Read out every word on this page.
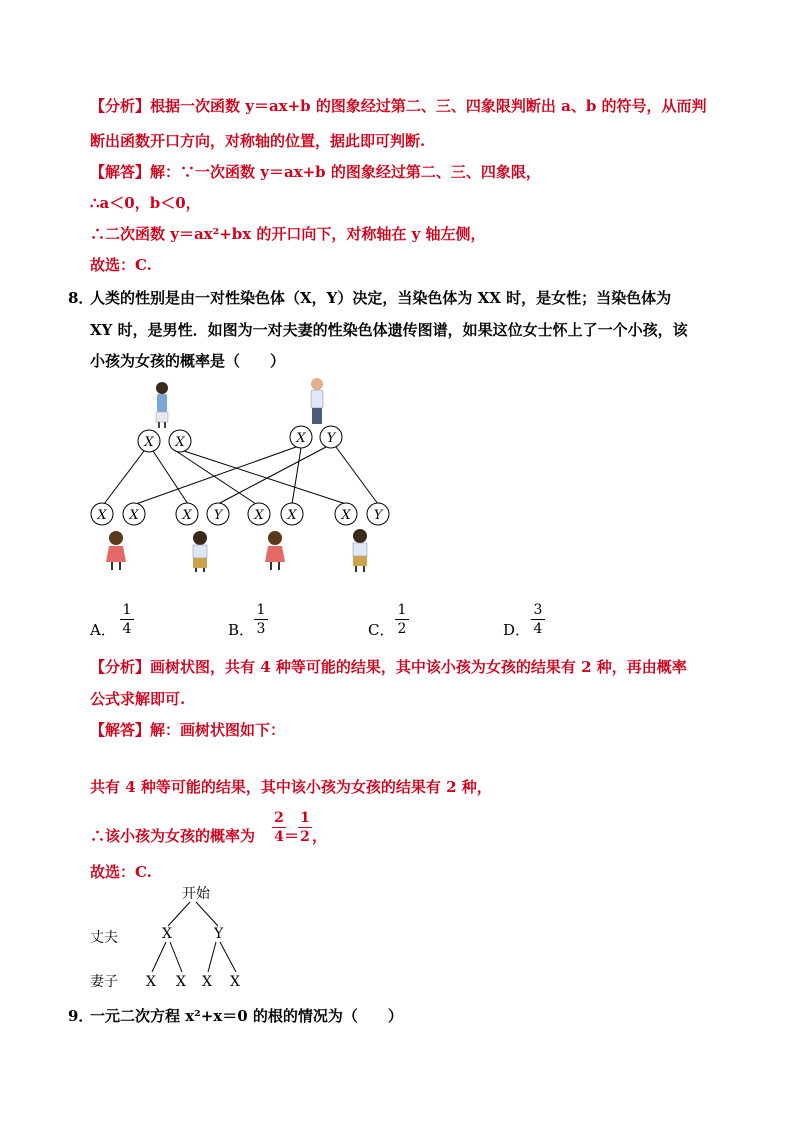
【分析】根据一次函数 y＝ax+b 的图象经过第二、三、四象限判断出 a、b 的符号，从而判
断出函数开口方向，对称轴的位置，据此即可判断.
【解答】解：∵一次函数 y＝ax+b 的图象经过第二、三、四象限，
∴a＜0，b＜0，
∴二次函数 y＝ax²+bx 的开口向下，对称轴在 y 轴左侧，
故选：C.
8．
人类的性别是由一对性染色体（X，Y）决定，当染色体为 XX 时，是女性；当染色体为
XY 时，是男性．如图为一对夫妻的性染色体遗传图谱，如果这位女士怀上了一个小孩，该
小孩为女孩的概率是（　　）
X X	X Y
X X	X Y X X	X Y
A．
1
4	B．
1
3	C．
1
2	D．
3
4
【分析】画树状图，共有 4 种等可能的结果，其中该小孩为女孩的结果有 2 种，再由概率
公式求解即可.
【解答】解：画树状图如下：
共有 4 种等可能的结果，其中该小孩为女孩的结果有 2 种，
∴该小孩为女孩的概率为
2
4 ＝
1
2 ，
故选：C.
开始
丈夫
妻子
X	Y
X X X X
9．
一元二次方程 x²+x＝0 的根的情况为（　　）
